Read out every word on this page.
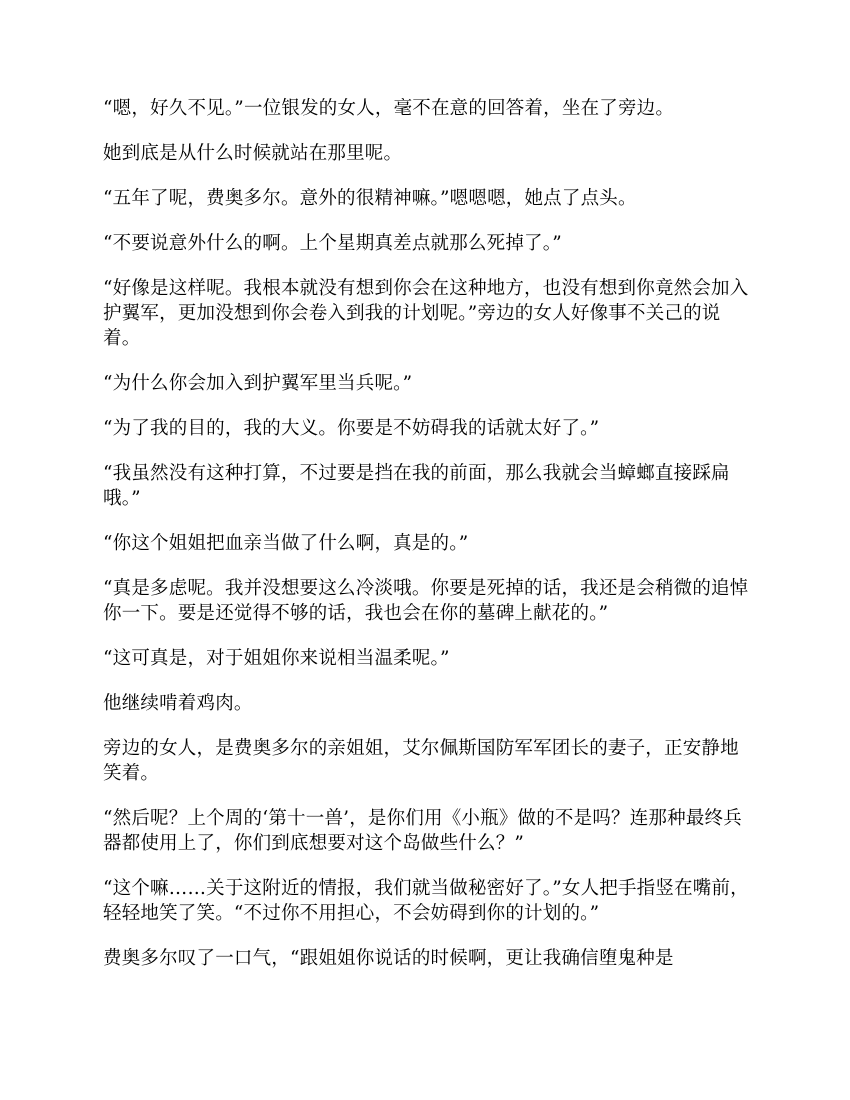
“嗯，好久不见。”一位银发的女人，毫不在意的回答着，坐在了旁边。

她到底是从什么时候就站在那里呢。

“五年了呢，费奥多尔。意外的很精神嘛。”嗯嗯嗯，她点了点头。

“不要说意外什么的啊。上个星期真差点就那么死掉了。”

“好像是这样呢。我根本就没有想到你会在这种地方，也没有想到你竟然会加入护翼军，更加没想到你会卷入到我的计划呢。”旁边的女人好像事不关己的说着。

“为什么你会加入到护翼军里当兵呢。”

“为了我的目的，我的大义。你要是不妨碍我的话就太好了。”

“我虽然没有这种打算，不过要是挡在我的前面，那么我就会当蟑螂直接踩扁哦。”

“你这个姐姐把血亲当做了什么啊，真是的。”

“真是多虑呢。我并没想要这么冷淡哦。你要是死掉的话，我还是会稍微的追悼你一下。要是还觉得不够的话，我也会在你的墓碑上献花的。”

“这可真是，对于姐姐你来说相当温柔呢。”

他继续啃着鸡肉。

旁边的女人，是费奥多尔的亲姐姐，艾尔佩斯国防军军团长的妻子，正安静地笑着。

“然后呢？上个周的‘第十一兽’，是你们用《小瓶》做的不是吗？连那种最终兵器都使用上了，你们到底想要对这个岛做些什么？”

“这个嘛……关于这附近的情报，我们就当做秘密好了。”女人把手指竖在嘴前，轻轻地笑了笑。“不过你不用担心，不会妨碍到你的计划的。”

费奥多尔叹了一口气，“跟姐姐你说话的时候啊，更让我确信堕鬼种是
